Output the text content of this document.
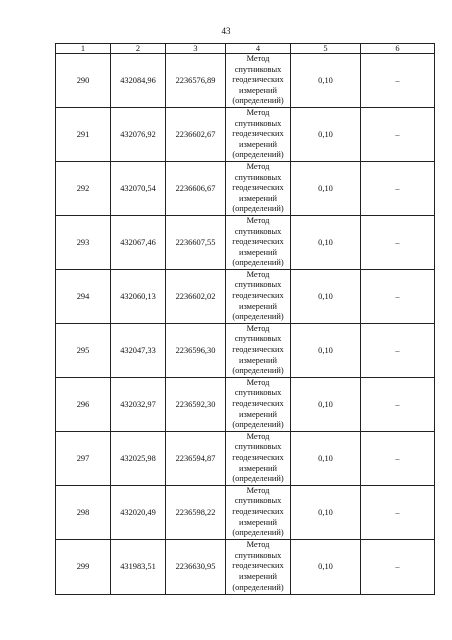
43
1	2	3	4	5	6
290	432084,96	2236576,89	Метод
спутниковых
геодезических
измерений
(определений)	0,10	–
291	432076,92	2236602,67	Метод
спутниковых
геодезических
измерений
(определений)	0,10	–
292	432070,54	2236606,67	Метод
спутниковых
геодезических
измерений
(определений)	0,10	–
293	432067,46	2236607,55	Метод
спутниковых
геодезических
измерений
(определений)	0,10	–
294	432060,13	2236602,02	Метод
спутниковых
геодезических
измерений
(определений)	0,10	–
295	432047,33	2236596,30	Метод
спутниковых
геодезических
измерений
(определений)	0,10	–
296	432032,97	2236592,30	Метод
спутниковых
геодезических
измерений
(определений)	0,10	–
297	432025,98	2236594,87	Метод
спутниковых
геодезических
измерений
(определений)	0,10	–
298	432020,49	2236598,22	Метод
спутниковых
геодезических
измерений
(определений)	0,10	–
299	431983,51	2236630,95	Метод
спутниковых
геодезических
измерений
(определений)	0,10	–
